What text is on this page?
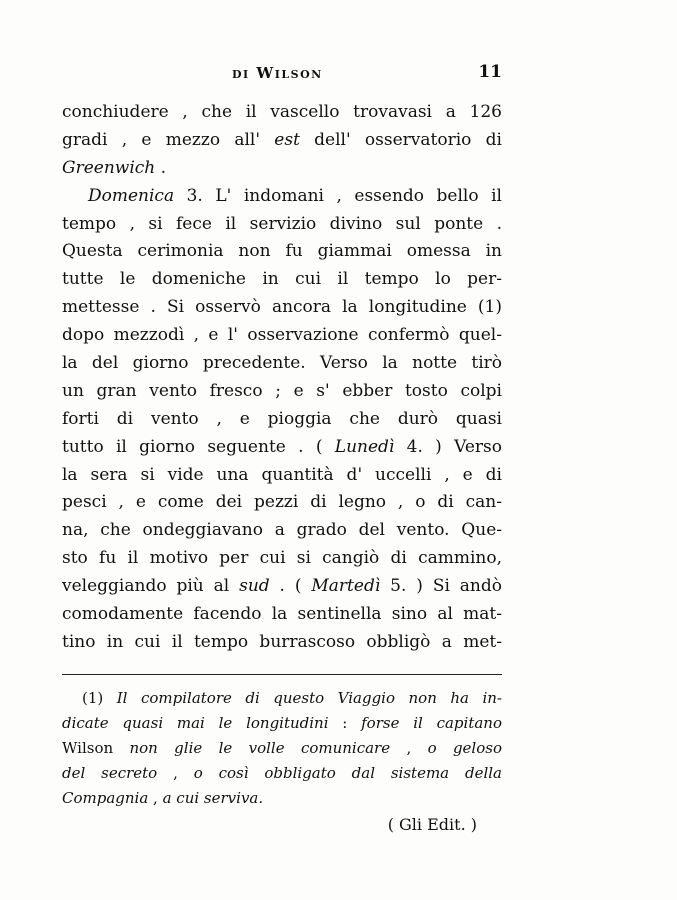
di Wilson	11
conchiudere , che il vascello trovavasi a 126
gradi , e mezzo all' est dell' osservatorio di
Greenwich .
Domenica 3. L' indomani , essendo bello il
tempo , si fece il servizio divino sul ponte .
Questa cerimonia non fu giammai omessa in
tutte le domeniche in cui il tempo lo per-
mettesse . Si osservò ancora la longitudine (1)
dopo mezzodì , e l' osservazione confermò quel-
la del giorno precedente. Verso la notte tirò
un gran vento fresco ; e s' ebber tosto colpi
forti di vento , e pioggia che durò quasi
tutto il giorno seguente . ( Lunedì 4. ) Verso
la sera si vide una quantità d' uccelli , e di
pesci , e come dei pezzi di legno , o di can-
na, che ondeggiavano a grado del vento. Que-
sto fu il motivo per cui si cangiò di cammino,
veleggiando più al sud . ( Martedì 5. ) Si andò
comodamente facendo la sentinella sino al mat-
tino in cui il tempo burrascoso obbligò a met-
(1) Il compilatore di questo Viaggio non ha in-
dicate quasi mai le longitudini : forse il capitano
Wilson non glie le volle comunicare , o geloso
del secreto , o così obbligato dal sistema della
Compagnia , a cui serviva.
( Gli Edit. )
